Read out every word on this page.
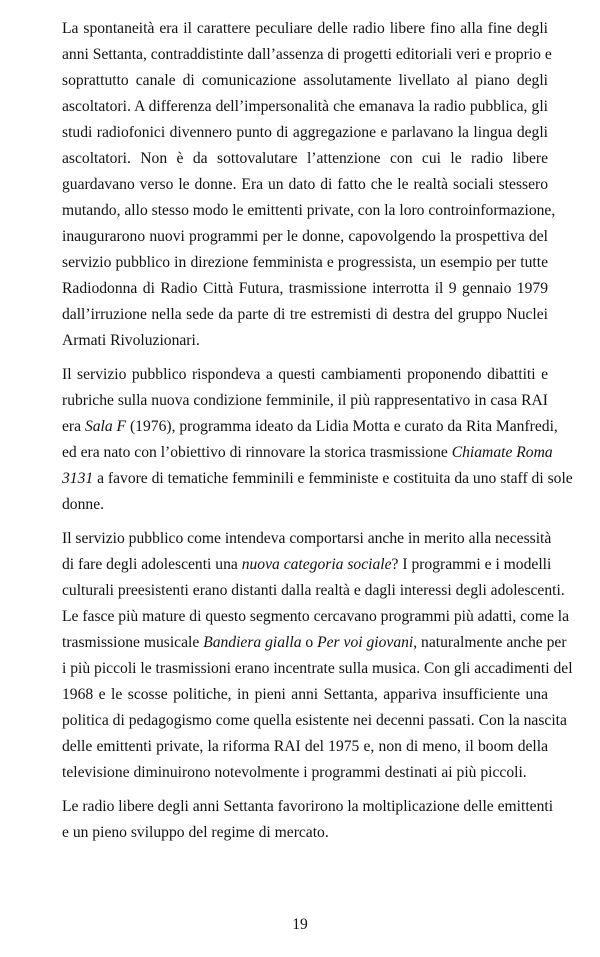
La spontaneità era il carattere peculiare delle radio libere fino alla fine degli
anni Settanta, contraddistinte dall’assenza di progetti editoriali veri e proprio e
soprattutto canale di comunicazione assolutamente livellato al piano degli
ascoltatori. A differenza dell’impersonalità che emanava la radio pubblica, gli
studi radiofonici divennero punto di aggregazione e parlavano la lingua degli
ascoltatori. Non è da sottovalutare l’attenzione con cui le radio libere
guardavano verso le donne. Era un dato di fatto che le realtà sociali stessero
mutando, allo stesso modo le emittenti private, con la loro controinformazione,
inaugurarono nuovi programmi per le donne, capovolgendo la prospettiva del
servizio pubblico in direzione femminista e progressista, un esempio per tutte
Radiodonna di Radio Città Futura, trasmissione interrotta il 9 gennaio 1979
dall’irruzione nella sede da parte di tre estremisti di destra del gruppo Nuclei
Armati Rivoluzionari.
Il servizio pubblico rispondeva a questi cambiamenti proponendo dibattiti e
rubriche sulla nuova condizione femminile, il più rappresentativo in casa RAI
era Sala F (1976), programma ideato da Lidia Motta e curato da Rita Manfredi,
ed era nato con l’obiettivo di rinnovare la storica trasmissione Chiamate Roma
3131 a favore di tematiche femminili e femministe e costituita da uno staff di sole
donne.
Il servizio pubblico come intendeva comportarsi anche in merito alla necessità
di fare degli adolescenti una nuova categoria sociale? I programmi e i modelli
culturali preesistenti erano distanti dalla realtà e dagli interessi degli adolescenti.
Le fasce più mature di questo segmento cercavano programmi più adatti, come la
trasmissione musicale Bandiera gialla o Per voi giovani, naturalmente anche per
i più piccoli le trasmissioni erano incentrate sulla musica. Con gli accadimenti del
1968 e le scosse politiche, in pieni anni Settanta, appariva insufficiente una
politica di pedagogismo come quella esistente nei decenni passati. Con la nascita
delle emittenti private, la riforma RAI del 1975 e, non di meno, il boom della
televisione diminuirono notevolmente i programmi destinati ai più piccoli.
Le radio libere degli anni Settanta favorirono la moltiplicazione delle emittenti
e un pieno sviluppo del regime di mercato.
19
